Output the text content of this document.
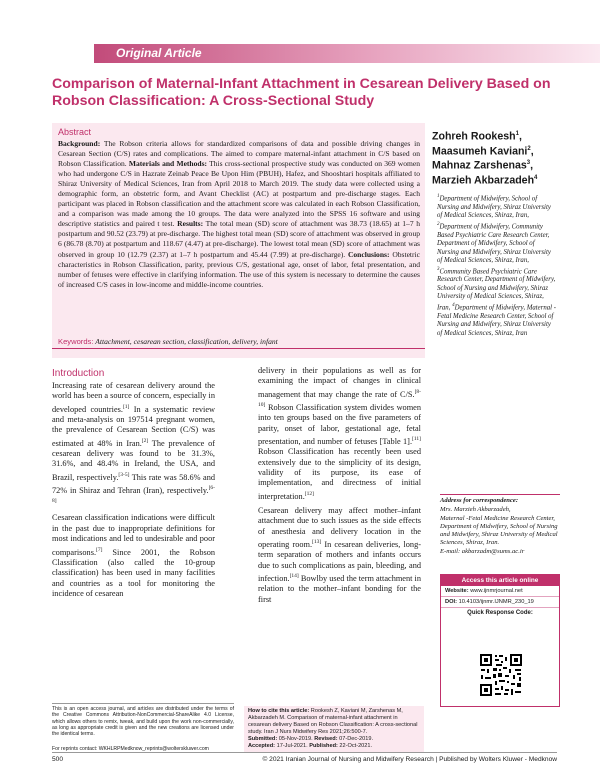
Original Article
Comparison of Maternal-Infant Attachment in Cesarean Delivery Based on Robson Classification: A Cross-Sectional Study
Abstract
Background: The Robson criteria allows for standardized comparisons of data and possible driving changes in Cesarean Section (C/S) rates and complications. The aimed to compare maternal-infant attachment in C/S based on Robson Classification. Materials and Methods: This cross-sectional prospective study was conducted on 369 women who had undergone C/S in Hazrate Zeinab Peace Be Upon Him (PBUH), Hafez, and Shooshtari hospitals affiliated to Shiraz University of Medical Sciences, Iran from April 2018 to March 2019. The study data were collected using a demographic form, an obstetric form, and Avant Checklist (AC) at postpartum and pre-discharge stages. Each participant was placed in Robson classification and the attachment score was calculated in each Robson Classification, and a comparison was made among the 10 groups. The data were analyzed into the SPSS 16 software and using descriptive statistics and paired t test. Results: The total mean (SD) score of attachment was 38.73 (18.65) at 1–7 h postpartum and 90.52 (23.79) at pre-discharge. The highest total mean (SD) score of attachment was observed in group 6 (86.78 (8.70) at postpartum and 118.67 (4.47) at pre-discharge). The lowest total mean (SD) score of attachment was observed in group 10 (12.79 (2.37) at 1–7 h postpartum and 45.44 (7.99) at pre-discharge). Conclusions: Obstetric characteristics in Robson Classification, parity, previous C/S, gestational age, onset of labor, fetal presentation, and number of fetuses were effective in clarifying information. The use of this system is necessary to determine the causes of increased C/S cases in low-income and middle-income countries.
Keywords: Attachment, cesarean section, classification, delivery, infant
Zohreh Rookesh$^1$,
Maasumeh Kaviani$^2$,
Mahnaz Zarshenas$^3$,
Marzieh Akbarzadeh$^4$
$^1$Department of Midwifery, School of Nursing and Midwifery, Shiraz University of Medical Sciences, Shiraz, Iran, $^2$Department of Midwifery, Community Based Psychiatric Care Research Center, Department of Midwifery, School of Nursing and Midwifery, Shiraz University of Medical Sciences, Shiraz, Iran, $^3$Community Based Psychiatric Care Research Center, Department of Midwifery, School of Nursing and Midwifery, Shiraz University of Medical Sciences, Shiraz, Iran, $^4$Department of Midwifery, Maternal -Fetal Medicine Research Center, School of Nursing and Midwifery, Shiraz University of Medical Sciences, Shiraz, Iran
Introduction

Increasing rate of cesarean delivery around the world has been a source of concern, especially in developed countries.[1] In a systematic review and meta-analysis on 197514 pregnant women, the prevalence of Cesarean Section (C/S) was estimated at 48% in Iran.[2] The prevalence of cesarean delivery was found to be 31.3%, 31.6%, and 48.4% in Ireland, the USA, and Brazil, respectively.[3-5] This rate was 58.6% and 72% in Shiraz and Tehran (Iran), respectively.[6-8]

Cesarean classification indications were difficult in the past due to inappropriate definitions for most indications and led to undesirable and poor comparisons.[7] Since 2001, the Robson Classification (also called the 10-group classification) has been used in many facilities and countries as a tool for monitoring the incidence of cesarean

delivery in their populations as well as for examining the impact of changes in clinical management that may change the rate of C/S.[8-10] Robson Classification system divides women into ten groups based on the five parameters of parity, onset of labor, gestational age, fetal presentation, and number of fetuses [Table 1].[11] Robson Classification has recently been used extensively due to the simplicity of its design, validity of its purpose, its ease of implementation, and directness of initial interpretation.[12]

Cesarean delivery may affect mother–infant attachment due to such issues as the side effects of anesthesia and delivery location in the operating room.[13] In cesarean deliveries, long-term separation of mothers and infants occurs due to such complications as pain, bleeding, and infection.[14] Bowlby used the term attachment in relation to the mother–infant bonding for the first

Address for correspondence:
Mrs. Marzieh Akbarzadeh,
Maternal -Fetal Medicine Research Center, Department of Midwifery, School of Nursing and Midwifery, Shiraz University of Medical Sciences, Shiraz, Iran.
E-mail: akbarzadm@sums.ac.ir
Access this article online
Website: www.ijnmrjournal.net
DOI: 10.4103/ijnmr.IJNMR_230_19
Quick Response Code:
This is an open access journal, and articles are distributed under the terms of the Creative Commons Attribution-NonCommercial-ShareAlike 4.0 License, which allows others to remix, tweak, and build upon the work non-commercially, as long as appropriate credit is given and the new creations are licensed under the identical terms.
How to cite this article: Rookesh Z, Kaviani M, Zarshenas M, Akbarzadeh M. Comparison of maternal-infant attachment in cesarean delivery Based on Robson Classification: A cross-sectional study. Iran J Nurs Midwifery Res 2021;26:500-7.
Submitted: 05-Nov-2019. Revised: 07-Dec-2019.
Accepted: 17-Jul-2021. Published: 22-Oct-2021.
For reprints contact: WKHLRPMedknow_reprints@wolterskluwer.com
500	© 2021 Iranian Journal of Nursing and Midwifery Research | Published by Wolters Kluwer - Medknow
